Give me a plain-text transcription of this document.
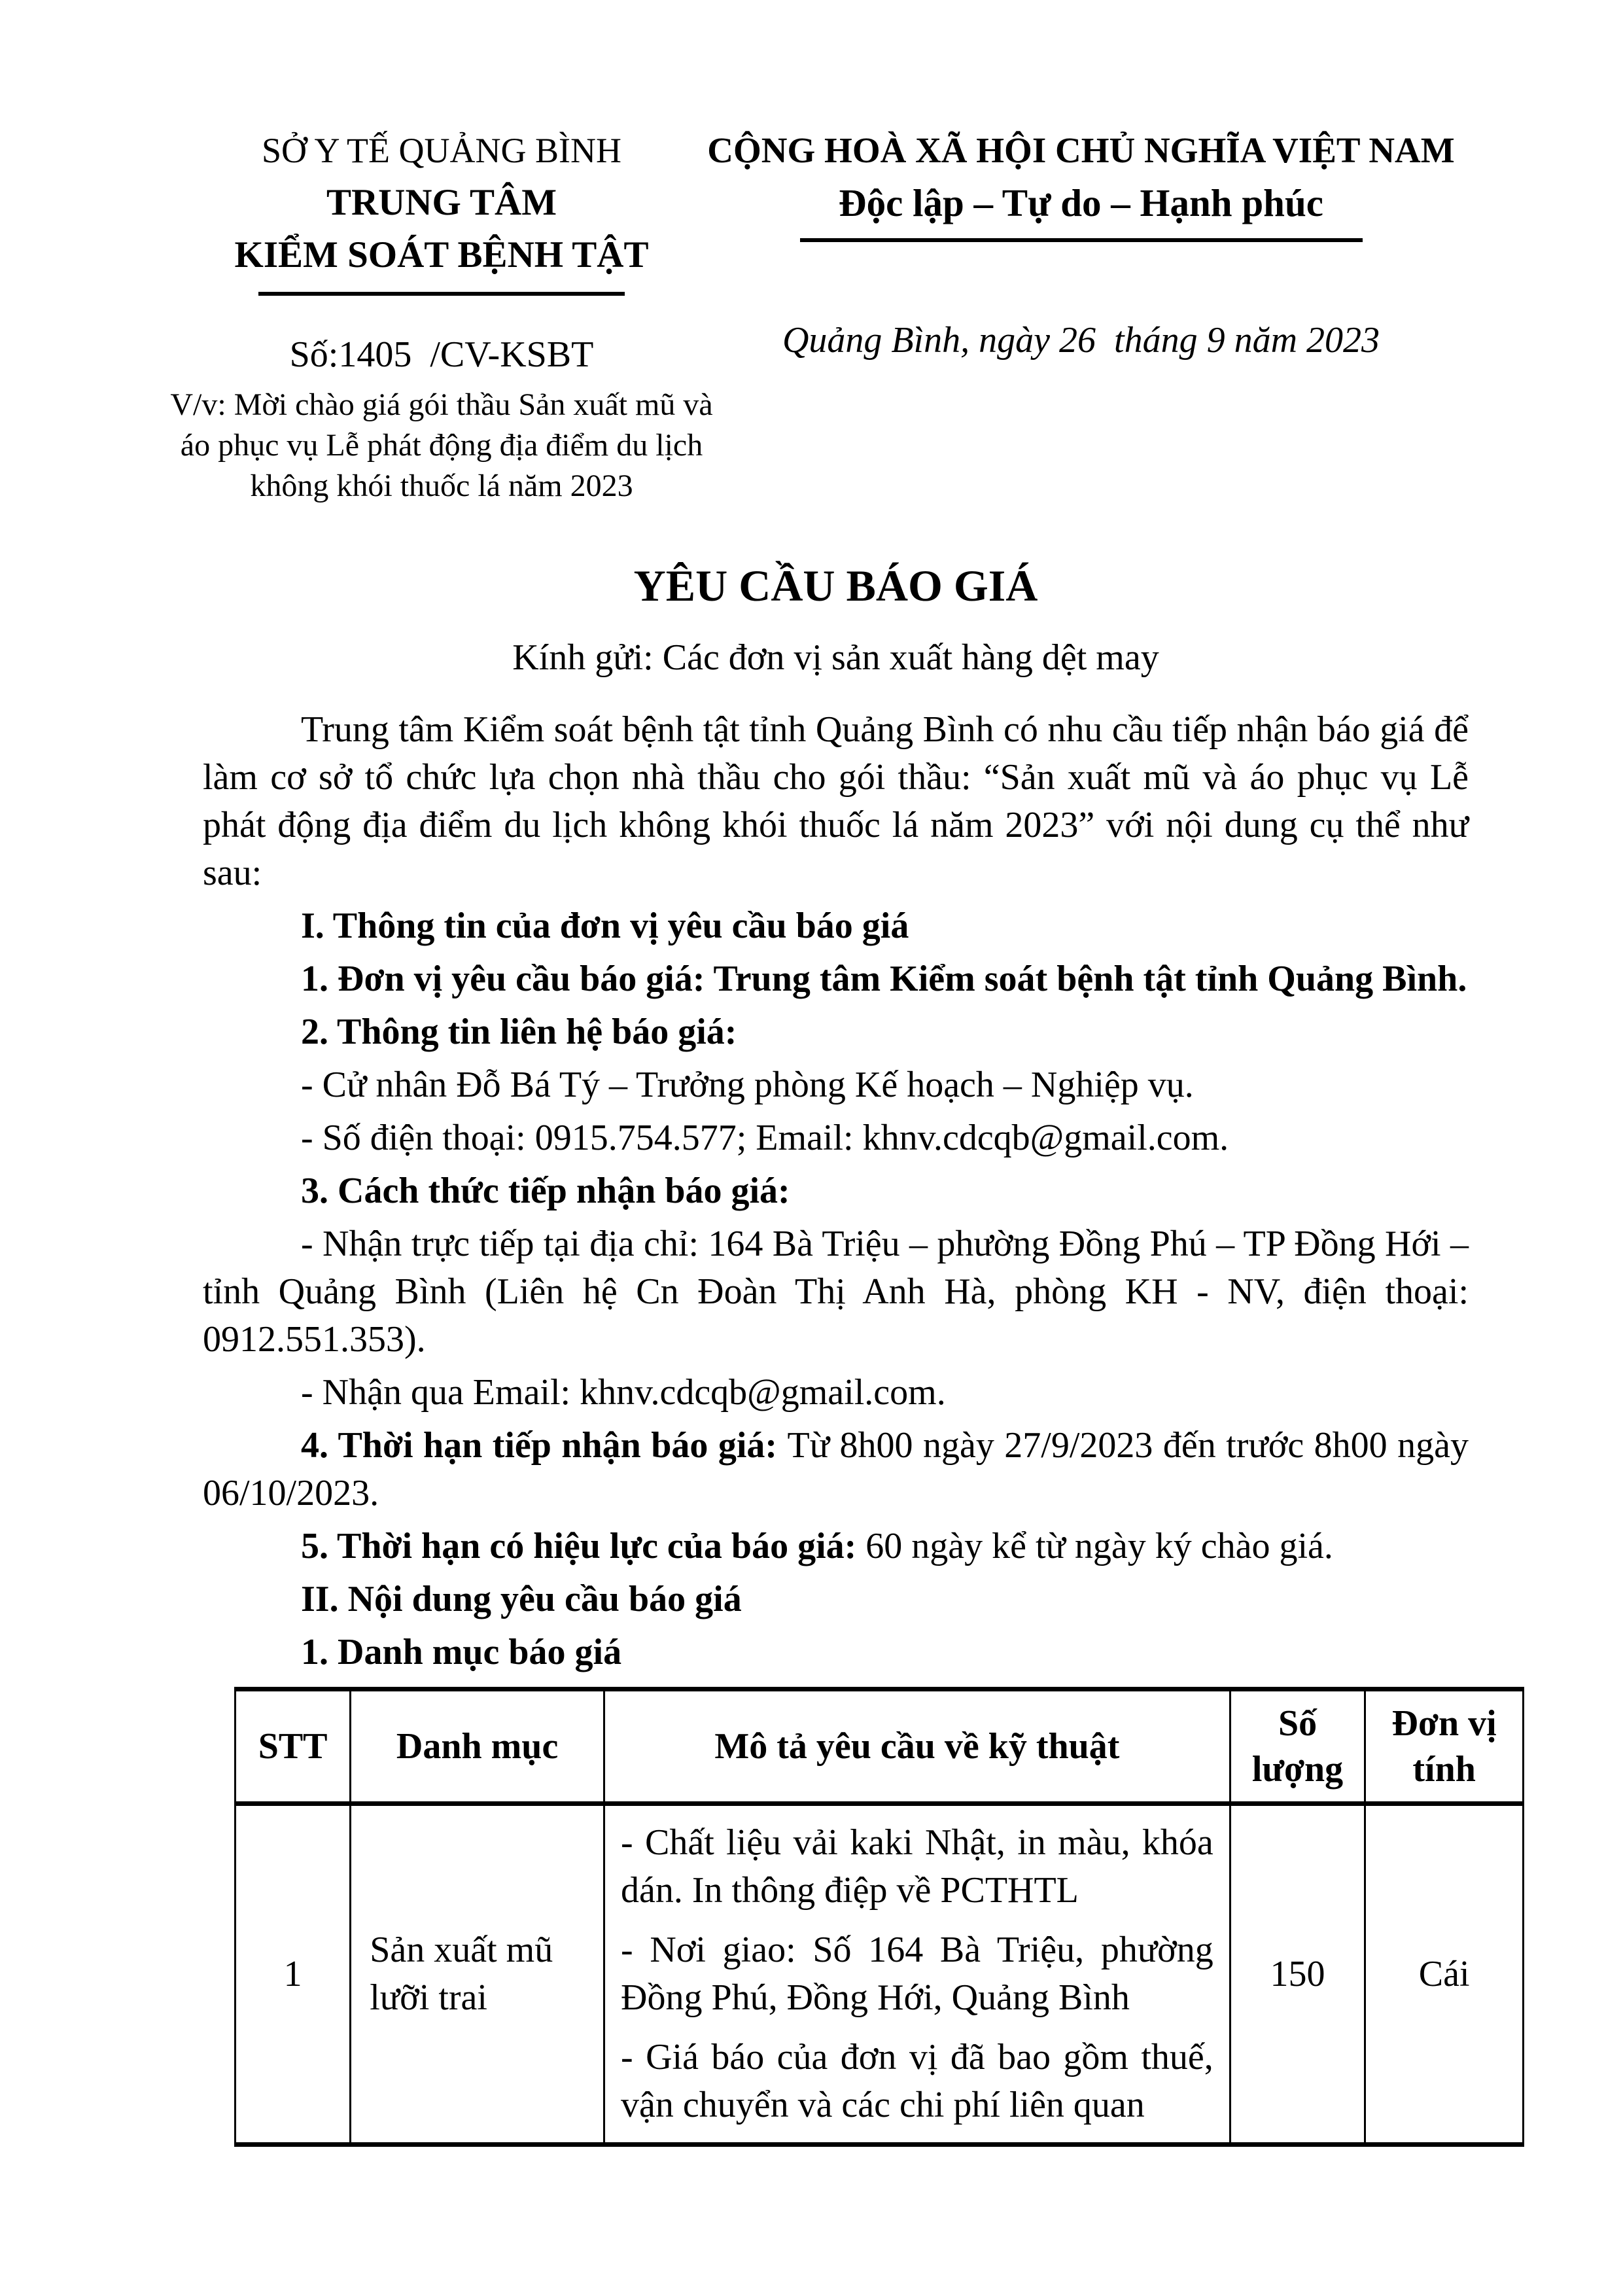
SỞ Y TẾ QUẢNG BÌNH
TRUNG TÂM
KIỂM SOÁT BỆNH TẬT
Số:1405  /CV-KSBT
V/v: Mời chào giá gói thầu Sản xuất mũ và áo phục vụ Lễ phát động địa điểm du lịch không khói thuốc lá năm 2023
CỘNG HOÀ XÃ HỘI CHỦ NGHĨA VIỆT NAM
Độc lập – Tự do – Hạnh phúc
Quảng Bình, ngày 26  tháng 9 năm 2023
YÊU CẦU BÁO GIÁ
Kính gửi: Các đơn vị sản xuất hàng dệt may

Trung tâm Kiểm soát bệnh tật tỉnh Quảng Bình có nhu cầu tiếp nhận báo giá để làm cơ sở tổ chức lựa chọn nhà thầu cho gói thầu: “Sản xuất mũ và áo phục vụ Lễ phát động địa điểm du lịch không khói thuốc lá năm 2023” với nội dung cụ thể như sau:

I. Thông tin của đơn vị yêu cầu báo giá

1. Đơn vị yêu cầu báo giá: Trung tâm Kiểm soát bệnh tật tỉnh Quảng Bình.

2. Thông tin liên hệ báo giá:

- Cử nhân Đỗ Bá Tý – Trưởng phòng Kế hoạch – Nghiệp vụ.

- Số điện thoại: 0915.754.577; Email: khnv.cdcqb@gmail.com.

3. Cách thức tiếp nhận báo giá:

- Nhận trực tiếp tại địa chỉ: 164 Bà Triệu – phường Đồng Phú – TP Đồng Hới – tỉnh Quảng Bình (Liên hệ Cn Đoàn Thị Anh Hà, phòng KH - NV, điện thoại: 0912.551.353).

- Nhận qua Email: khnv.cdcqb@gmail.com.

4. Thời hạn tiếp nhận báo giá: Từ 8h00 ngày 27/9/2023 đến trước 8h00 ngày 06/10/2023.

5. Thời hạn có hiệu lực của báo giá: 60 ngày kể từ ngày ký chào giá.

II. Nội dung yêu cầu báo giá

1. Danh mục báo giá

STT	Danh mục	Mô tả yêu cầu về kỹ thuật	Số lượng	Đơn vị tính
1	Sản xuất mũ lưỡi trai	- Chất liệu vải kaki Nhật, in màu, khóa dán. In thông điệp về PCTHTL

- Nơi giao: Số 164 Bà Triệu, phường Đồng Phú, Đồng Hới, Quảng Bình

- Giá báo của đơn vị đã bao gồm thuế, vận chuyển và các chi phí liên quan	150	Cái
